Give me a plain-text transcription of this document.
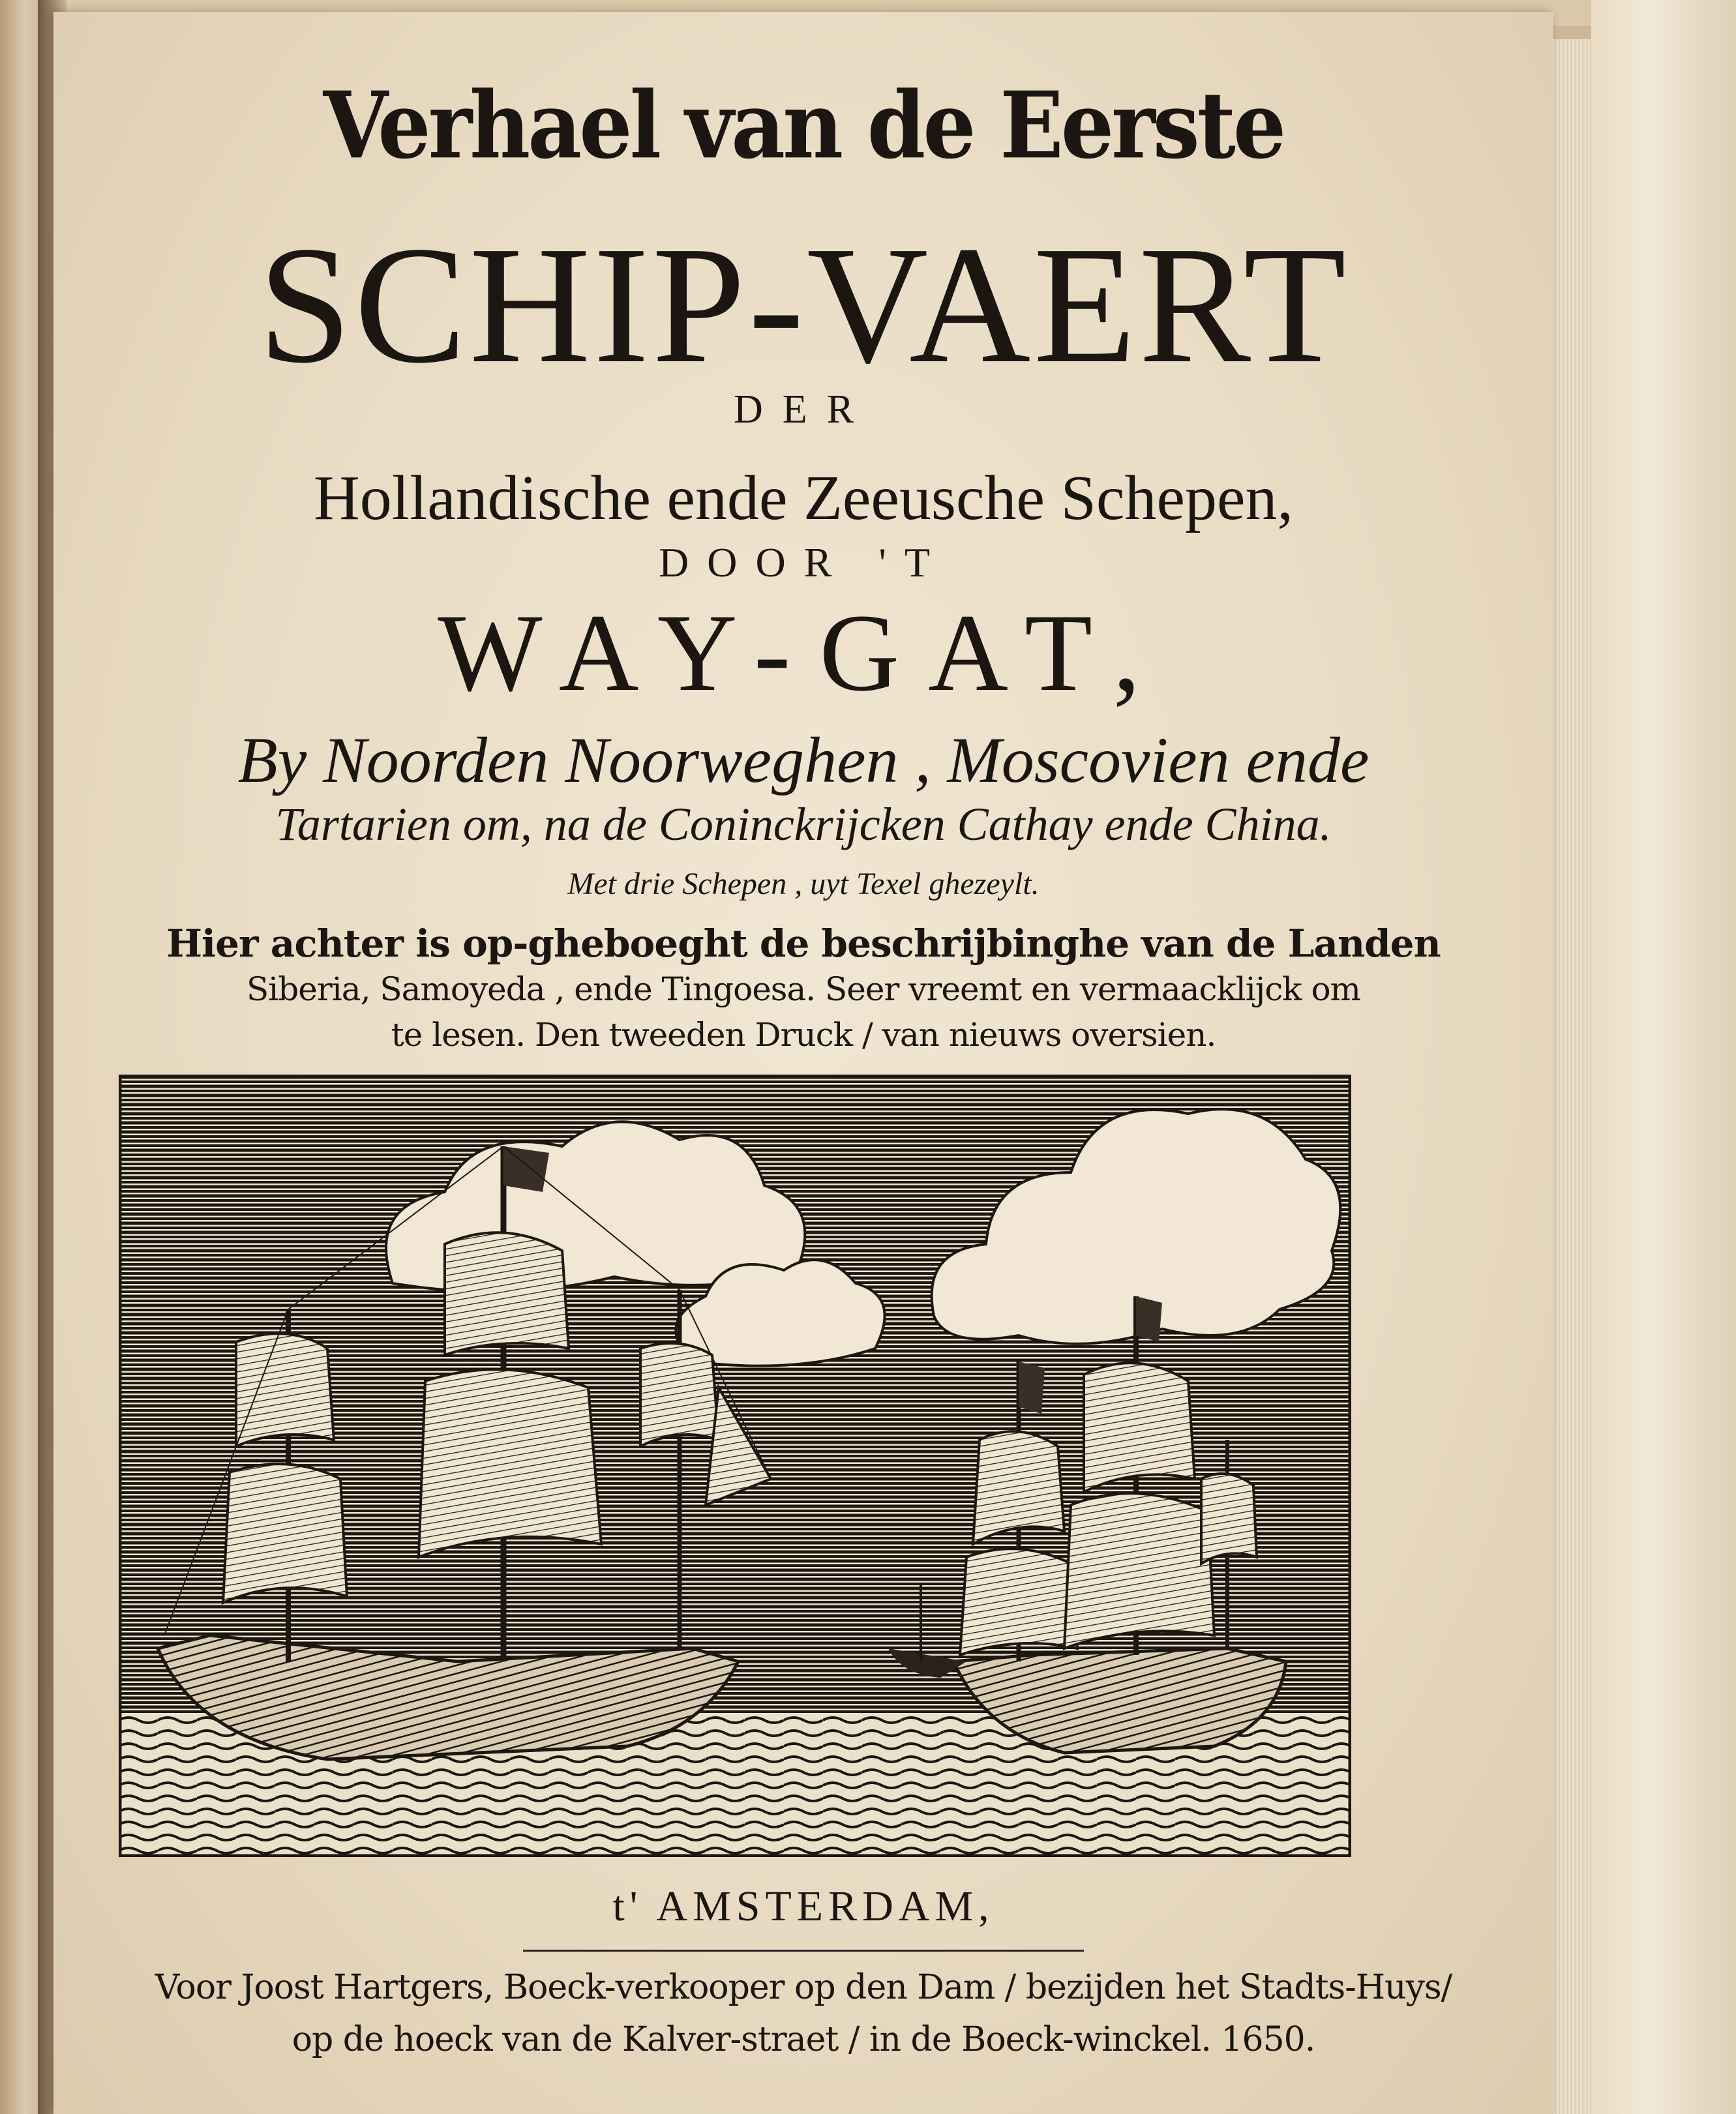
Verhael van de Eerste
SCHIP-VAERT
DER
Hollandische ende Zeeusche Schepen,
DOOR 'T
WAY-GAT,
By Noorden Noorweghen , Moscovien ende
Tartarien om, na de Coninckrijcken Cathay ende China.
Met drie Schepen , uyt Texel ghezeylt.
Hier achter is op-gheboeght de beschrijbinghe van de Landen
Siberia, Samoyeda , ende Tingoesa. Seer vreemt en vermaacklijck om
te lesen. Den tweeden Druck / van nieuws oversien.
t' AMSTERDAM,
Voor Joost Hartgers, Boeck-verkooper op den Dam / bezijden het Stadts-Huys/
op de hoeck van de Kalver-straet / in de Boeck-winckel. 1650.
